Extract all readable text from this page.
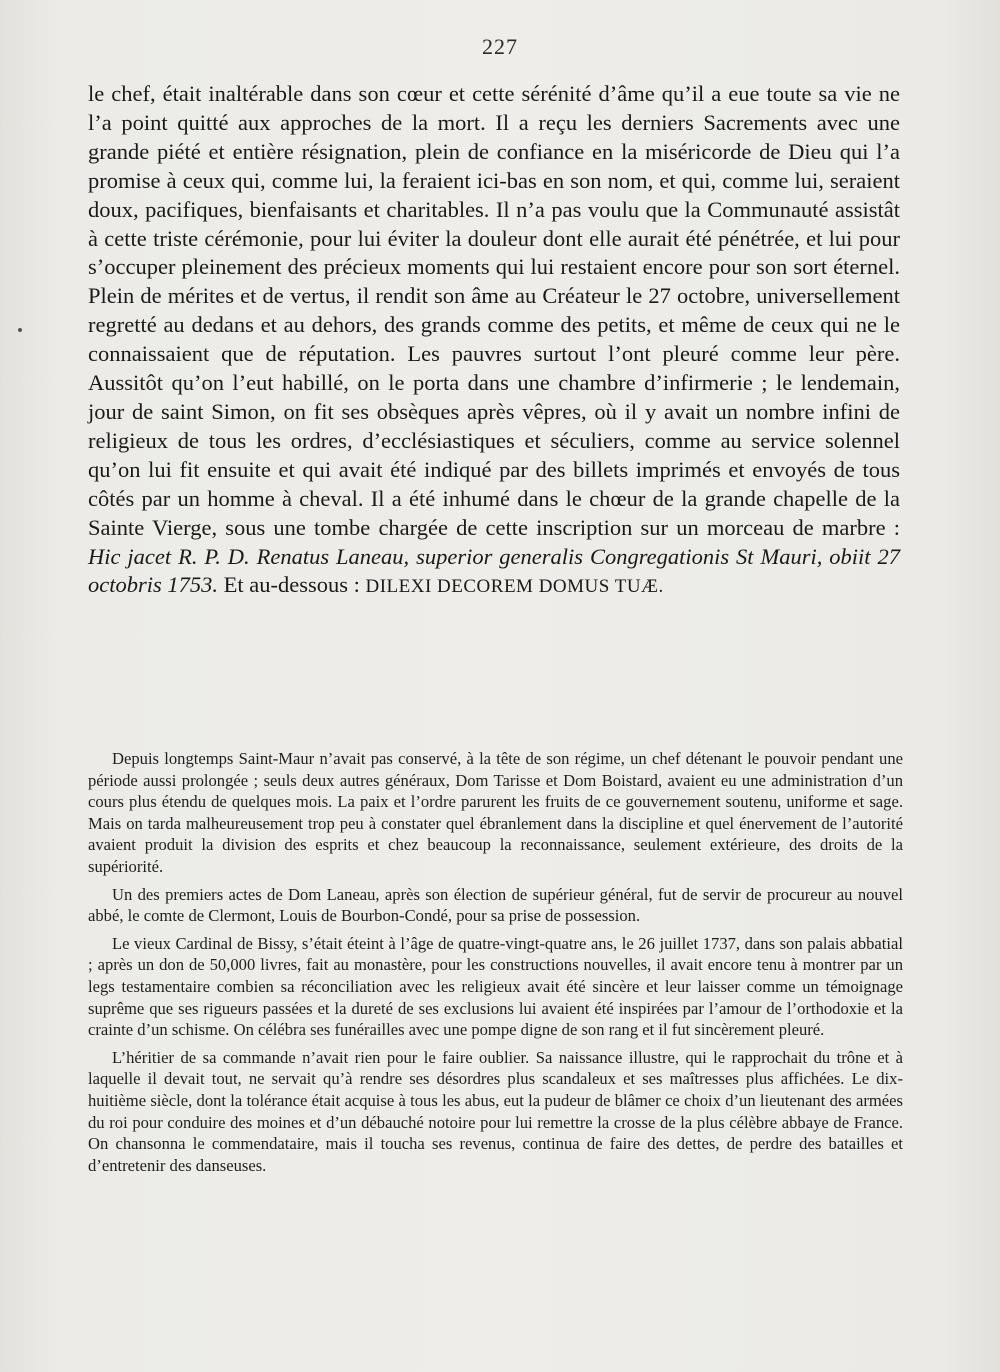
227

le chef, était inaltérable dans son cœur et cette sérénité d’âme qu’il a eue toute sa vie ne l’a point quitté aux approches de la mort. Il a reçu les derniers Sacrements avec une grande piété et entière résignation, plein de confiance en la miséricorde de Dieu qui l’a promise à ceux qui, comme lui, la feraient ici-bas en son nom, et qui, comme lui, seraient doux, pacifiques, bienfaisants et charitables. Il n’a pas voulu que la Communauté assistât à cette triste cérémonie, pour lui éviter la douleur dont elle aurait été pénétrée, et lui pour s’occuper pleinement des précieux moments qui lui restaient encore pour son sort éternel. Plein de mérites et de vertus, il rendit son âme au Créateur le 27 octobre, universellement regretté au dedans et au dehors, des grands comme des petits, et même de ceux qui ne le connaissaient que de réputation. Les pauvres surtout l’ont pleuré comme leur père. Aussitôt qu’on l’eut habillé, on le porta dans une chambre d’infirmerie ; le lendemain, jour de saint Simon, on fit ses obsèques après vêpres, où il y avait un nombre infini de religieux de tous les ordres, d’ecclésiastiques et séculiers, comme au service solennel qu’on lui fit ensuite et qui avait été indiqué par des billets imprimés et envoyés de tous côtés par un homme à cheval. Il a été inhumé dans le chœur de la grande chapelle de la Sainte Vierge, sous une tombe chargée de cette inscription sur un morceau de marbre : Hic jacet R. P. D. Renatus Laneau, superior generalis Congregationis St Mauri, obiit 27 octobris 1753. Et au-dessous : DILEXI DECOREM DOMUS TUÆ.

Depuis longtemps Saint-Maur n’avait pas conservé, à la tête de son régime, un chef détenant le pouvoir pendant une période aussi prolongée ; seuls deux autres généraux, Dom Tarisse et Dom Boistard, avaient eu une administration d’un cours plus étendu de quelques mois. La paix et l’ordre parurent les fruits de ce gouvernement soutenu, uniforme et sage. Mais on tarda malheureusement trop peu à constater quel ébranlement dans la discipline et quel énervement de l’autorité avaient produit la division des esprits et chez beaucoup la reconnaissance, seulement extérieure, des droits de la supériorité.

Un des premiers actes de Dom Laneau, après son élection de supérieur général, fut de servir de procureur au nouvel abbé, le comte de Clermont, Louis de Bourbon-Condé, pour sa prise de possession.

Le vieux Cardinal de Bissy, s’était éteint à l’âge de quatre-vingt-quatre ans, le 26 juillet 1737, dans son palais abbatial ; après un don de 50,000 livres, fait au monastère, pour les constructions nouvelles, il avait encore tenu à montrer par un legs testamentaire combien sa réconciliation avec les religieux avait été sincère et leur laisser comme un témoignage suprême que ses rigueurs passées et la dureté de ses exclusions lui avaient été inspirées par l’amour de l’orthodoxie et la crainte d’un schisme. On célébra ses funérailles avec une pompe digne de son rang et il fut sincèrement pleuré.

L’héritier de sa commande n’avait rien pour le faire oublier. Sa naissance illustre, qui le rapprochait du trône et à laquelle il devait tout, ne servait qu’à rendre ses désordres plus scandaleux et ses maîtresses plus affichées. Le dix-huitième siècle, dont la tolérance était acquise à tous les abus, eut la pudeur de blâmer ce choix d’un lieutenant des armées du roi pour conduire des moines et d’un débauché notoire pour lui remettre la crosse de la plus célèbre abbaye de France. On chansonna le commendataire, mais il toucha ses revenus, continua de faire des dettes, de perdre des batailles et d’entretenir des danseuses.
